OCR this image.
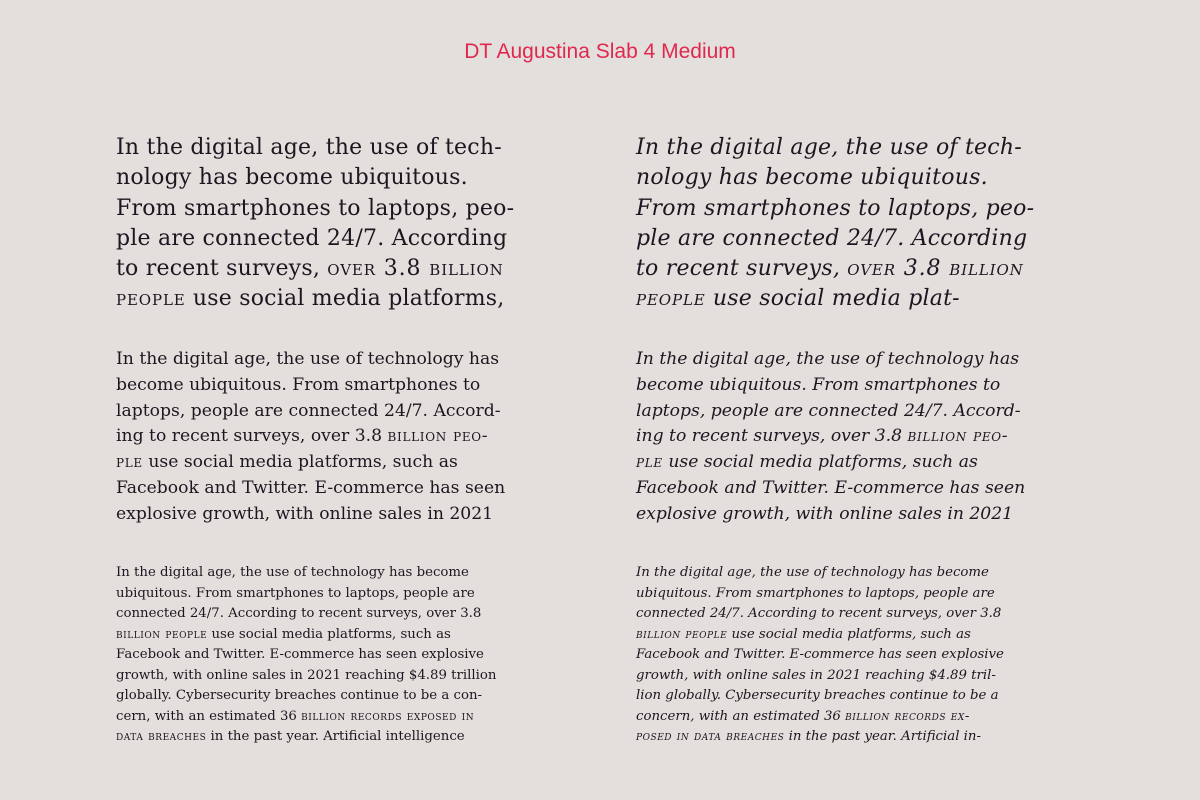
DT Augustina Slab 4 Medium

In the digital age, the use of tech-
nology has become ubiquitous.
From smartphones to laptops, peo-
ple are connected 24/7. According
to recent surveys, over 3.8 billion
people use social media platforms,

In the digital age, the use of technology has
become ubiquitous. From smartphones to
laptops, people are connected 24/7. Accord-
ing to recent surveys, over 3.8 billion peo-
ple use social media platforms, such as
Facebook and Twitter. E-commerce has seen
explosive growth, with online sales in 2021

In the digital age, the use of technology has become
ubiquitous. From smartphones to laptops, people are
connected 24/7. According to recent surveys, over 3.8
billion people use social media platforms, such as
Facebook and Twitter. E-commerce has seen explosive
growth, with online sales in 2021 reaching $4.89 trillion
globally. Cybersecurity breaches continue to be a con-
cern, with an estimated 36 billion records exposed in
data breaches in the past year. Artificial intelligence

In the digital age, the use of tech-
nology has become ubiquitous.
From smartphones to laptops, peo-
ple are connected 24/7. According
to recent surveys, over 3.8 billion
people use social media plat-

In the digital age, the use of technology has
become ubiquitous. From smartphones to
laptops, people are connected 24/7. Accord-
ing to recent surveys, over 3.8 billion peo-
ple use social media platforms, such as
Facebook and Twitter. E-commerce has seen
explosive growth, with online sales in 2021

In the digital age, the use of technology has become
ubiquitous. From smartphones to laptops, people are
connected 24/7. According to recent surveys, over 3.8
billion people use social media platforms, such as
Facebook and Twitter. E-commerce has seen explosive
growth, with online sales in 2021 reaching $4.89 tril-
lion globally. Cybersecurity breaches continue to be a
concern, with an estimated 36 billion records ex-
posed in data breaches in the past year. Artificial in-
